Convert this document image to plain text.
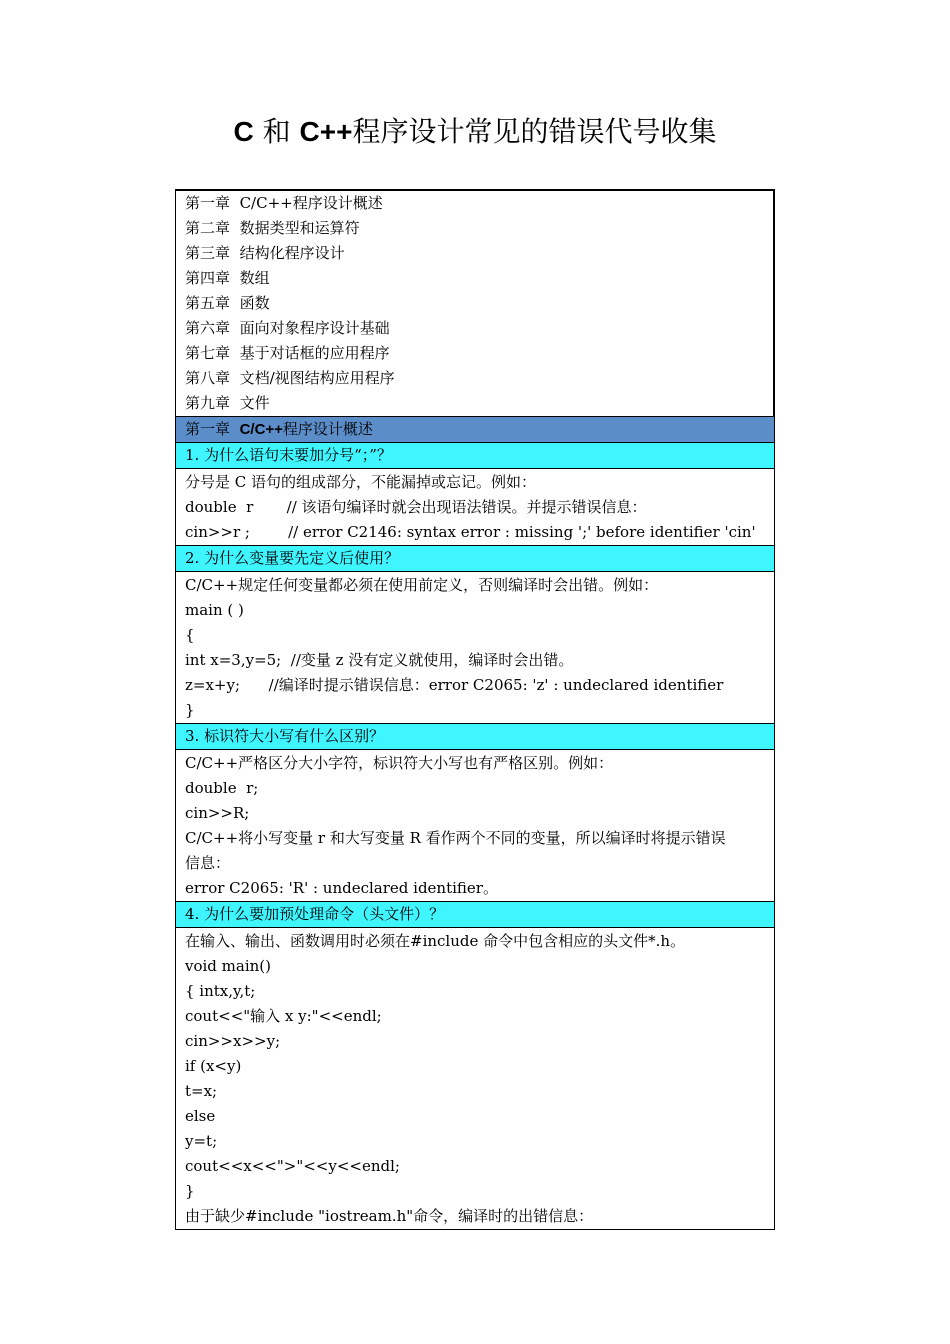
C 和 C++程序设计常见的错误代号收集
第一章 C/C++程序设计概述
第二章 数据类型和运算符
第三章 结构化程序设计
第四章 数组
第五章 函数
第六章 面向对象程序设计基础
第七章 基于对话框的应用程序
第八章 文档/视图结构应用程序
第九章 文件

第一章 C/C++程序设计概述

1. 为什么语句末要加分号“；”？

分号是 C 语句的组成部分，不能漏掉或忘记。例如：
double  r       // 该语句编译时就会出现语法错误。并提示错误信息：
cin>>r ;        // error C2146: syntax error : missing ';' before identifier 'cin'

2. 为什么变量要先定义后使用？

C/C++规定任何变量都必须在使用前定义，否则编译时会出错。例如：
main ( )
{
int x=3,y=5;  //变量 z 没有定义就使用，编译时会出错。
z=x+y;      //编译时提示错误信息：error C2065: 'z' : undeclared identifier
}

3. 标识符大小写有什么区别？

C/C++严格区分大小字符，标识符大小写也有严格区别。例如：
double  r;
cin>>R;
C/C++将小写变量 r 和大写变量 R 看作两个不同的变量，所以编译时将提示错误
信息：
error C2065: 'R' : undeclared identifier。

4. 为什么要加预处理命令（头文件）？

在输入、输出、函数调用时必须在#include 命令中包含相应的头文件*.h。
void main()
{ intx,y,t;
cout<<"输入 x y:"<<endl;
cin>>x>>y;
if (x<y)
t=x;
else
y=t;
cout<<x<<">"<<y<<endl;
}
由于缺少#include "iostream.h"命令，编译时的出错信息：
